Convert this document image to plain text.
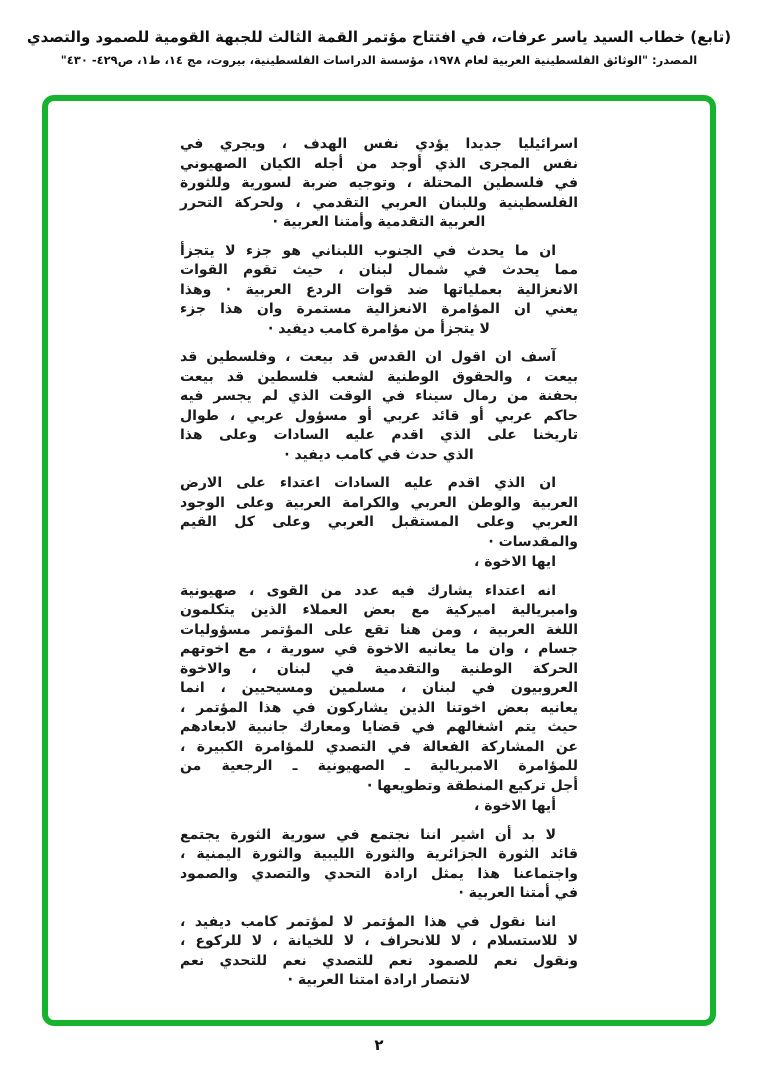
(تابع) خطاب السيد ياسر عرفات، في افتتاح مؤتمر القمة الثالث للجبهة القومية للصمود والتصدي
المصدر: "الوثائق الفلسطينية العربية لعام ١٩٧٨، مؤسسة الدراسات الفلسطينية، بيروت، مج ١٤، ط١، ص٤٢٩- ٤٣٠"
اسرائيليا جديدا يؤدي نفس الهدف ، ويجري في
نفس المجرى الذي أوجد من أجله الكيان الصهيوني
في فلسطين المحتلة ، وتوجيه ضربة لسورية وللثورة
الفلسطينية وللبنان العربي التقدمي ، ولحركة التحرر
العربية التقدمية وأمتنا العربية ·
ان ما يحدث في الجنوب اللبناني هو جزء لا يتجزأ
مما يحدث في شمال لبنان ، حيث تقوم القوات
الانعزالية بعملياتها ضد قوات الردع العربية · وهذا
يعني ان المؤامرة الانعزالية مستمرة وان هذا جزء
لا يتجزأ من مؤامرة كامب ديفيد ·
آسف ان اقول ان القدس قد بيعت ، وفلسطين قد
بيعت ، والحقوق الوطنية لشعب فلسطين قد بيعت
بحفنة من رمال سيناء في الوقت الذي لم يجسر فيه
حاكم عربي أو قائد عربي أو مسؤول عربي ، طوال
تاريخنا على الذي اقدم عليه السادات وعلى هذا
الذي حدث في كامب ديفيد ·
ان الذي اقدم عليه السادات اعتداء على الارض
العربية والوطن العربي والكرامة العربية وعلى الوجود
العربي وعلى المستقبل العربي وعلى كل القيم
والمقدسات ·
ايها الاخوة ،
انه اعتداء يشارك فيه عدد من القوى ، صهيونية
وامبريالية اميركية مع بعض العملاء الذين يتكلمون
اللغة العربية ، ومن هنا تقع على المؤتمر مسؤوليات
جسام ، وان ما يعانيه الاخوة في سورية ، مع اخوتهم
الحركة الوطنية والتقدمية في لبنان ، والاخوة
العروبيون في لبنان ، مسلمين ومسيحيين ، انما
يعانيه بعض اخوتنا الذين يشاركون في هذا المؤتمر ،
حيث يتم اشغالهم في قضايا ومعارك جانبية لابعادهم
عن المشاركة الفعالة في التصدي للمؤامرة الكبيرة ،
للمؤامرة الامبريالية ـ الصهيونية ـ الرجعية من
أجل تركيع المنطقة وتطويعها ·
أيها الاخوة ،
لا بد أن اشير اننا نجتمع في سورية الثورة يجتمع
قائد الثورة الجزائرية والثورة الليبية والثورة اليمنية ،
واجتماعنا هذا يمثل ارادة التحدي والتصدي والصمود
في أمتنا العربية ·
اننا نقول في هذا المؤتمر لا لمؤتمر كامب ديفيد ،
لا للاستسلام ، لا للانحراف ، لا للخيانة ، لا للركوع ،
ونقول نعم للصمود نعم للتصدي نعم للتحدي نعم
لانتصار ارادة امتنا العربية ·
٢
